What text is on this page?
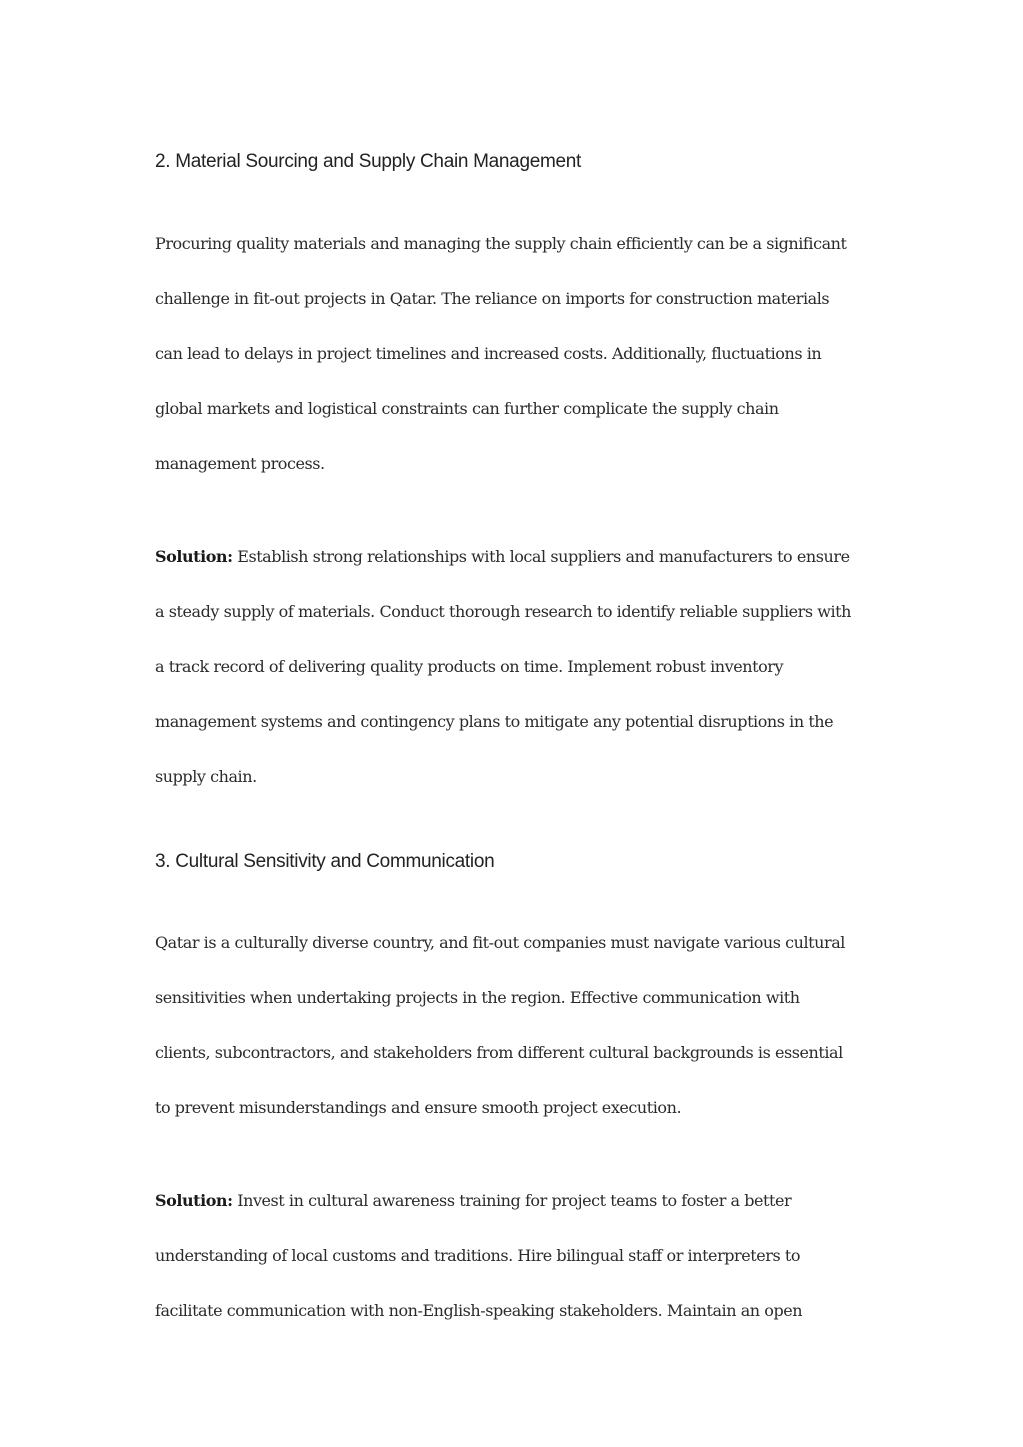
2. Material Sourcing and Supply Chain Management

Procuring quality materials and managing the supply chain efficiently can be a significant

challenge in fit-out projects in Qatar. The reliance on imports for construction materials

can lead to delays in project timelines and increased costs. Additionally, fluctuations in

global markets and logistical constraints can further complicate the supply chain

management process.

Solution: Establish strong relationships with local suppliers and manufacturers to ensure

a steady supply of materials. Conduct thorough research to identify reliable suppliers with

a track record of delivering quality products on time. Implement robust inventory

management systems and contingency plans to mitigate any potential disruptions in the

supply chain.

3. Cultural Sensitivity and Communication

Qatar is a culturally diverse country, and fit-out companies must navigate various cultural

sensitivities when undertaking projects in the region. Effective communication with

clients, subcontractors, and stakeholders from different cultural backgrounds is essential

to prevent misunderstandings and ensure smooth project execution.

Solution: Invest in cultural awareness training for project teams to foster a better

understanding of local customs and traditions. Hire bilingual staff or interpreters to

facilitate communication with non-English-speaking stakeholders. Maintain an open
